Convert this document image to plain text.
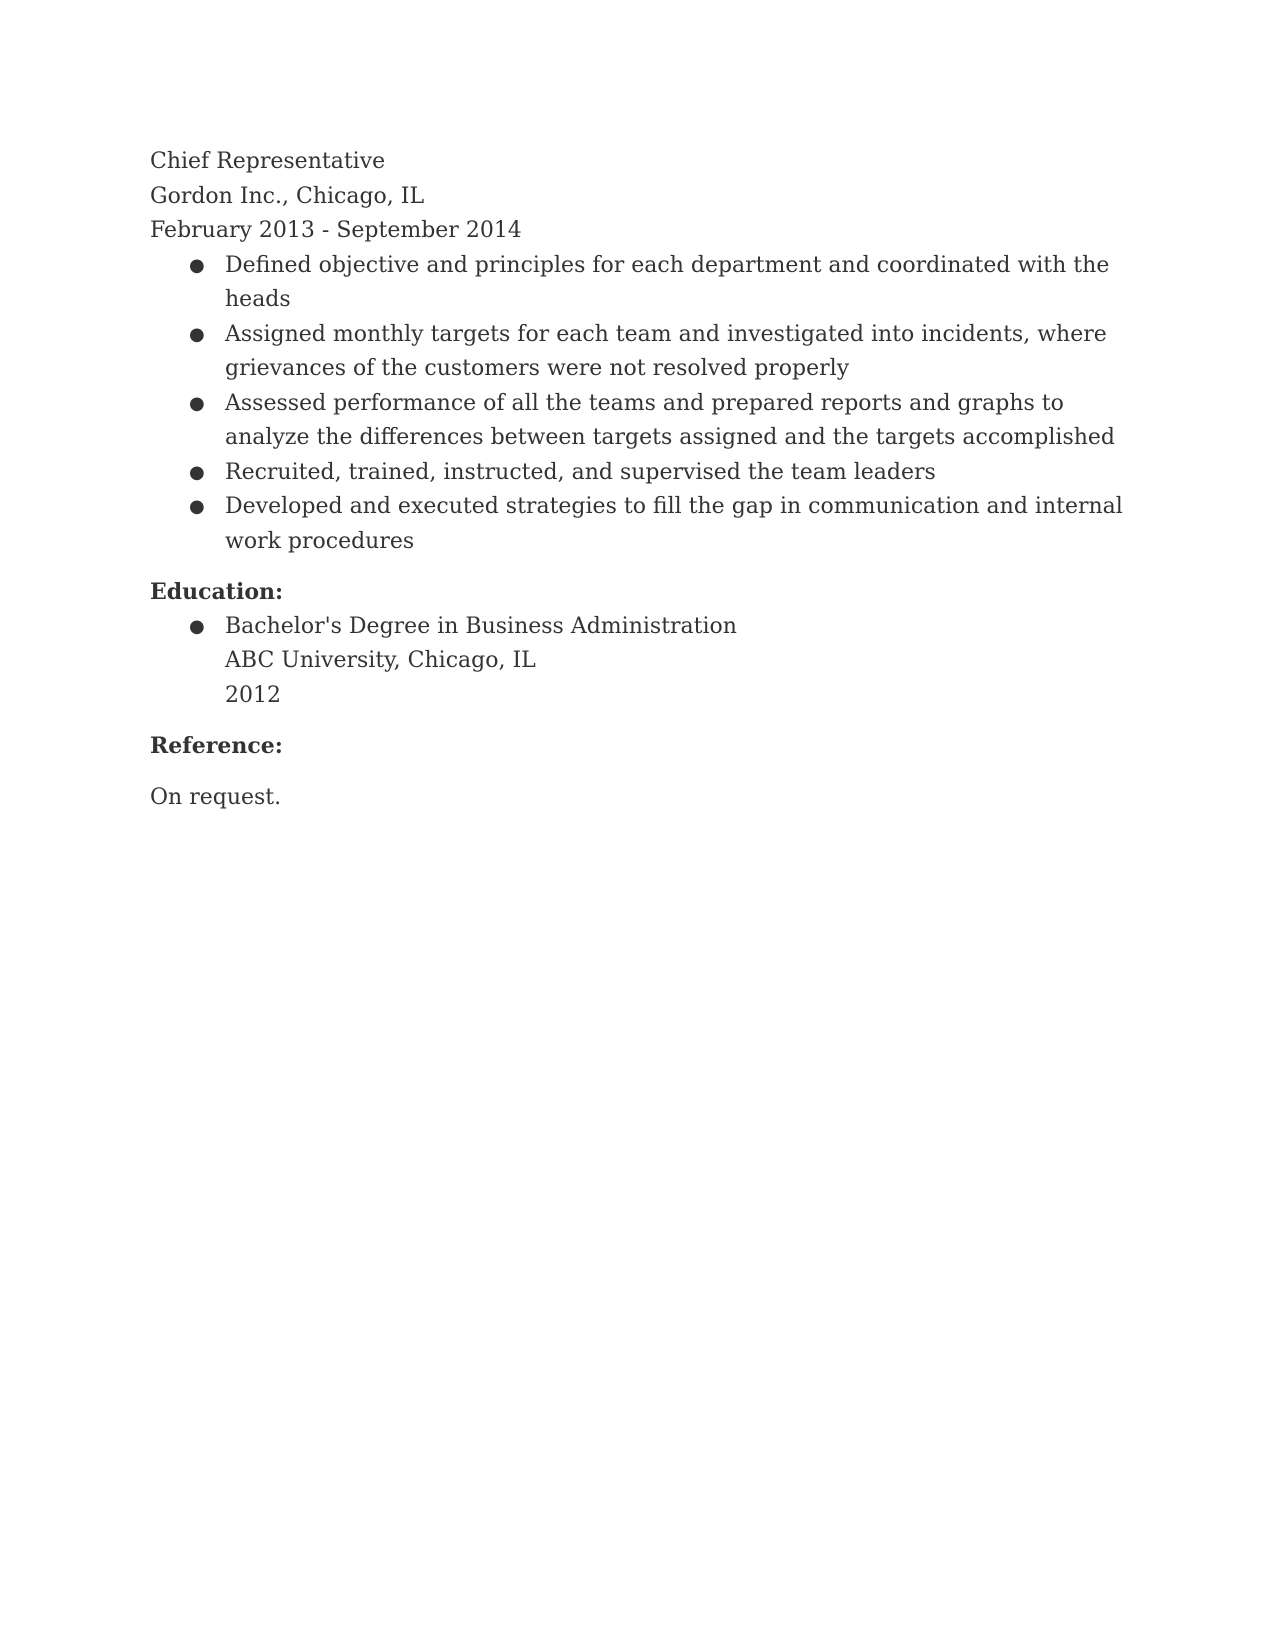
Chief Representative
Gordon Inc., Chicago, IL
February 2013 - September 2014
● Defined objective and principles for each department and coordinated with the heads
● Assigned monthly targets for each team and investigated into incidents, where grievances of the customers were not resolved properly
● Assessed performance of all the teams and prepared reports and graphs to analyze the differences between targets assigned and the targets accomplished
● Recruited, trained, instructed, and supervised the team leaders
● Developed and executed strategies to fill the gap in communication and internal work procedures
Education:
● Bachelor's Degree in Business Administration
ABC University, Chicago, IL
2012
Reference:
On request.
